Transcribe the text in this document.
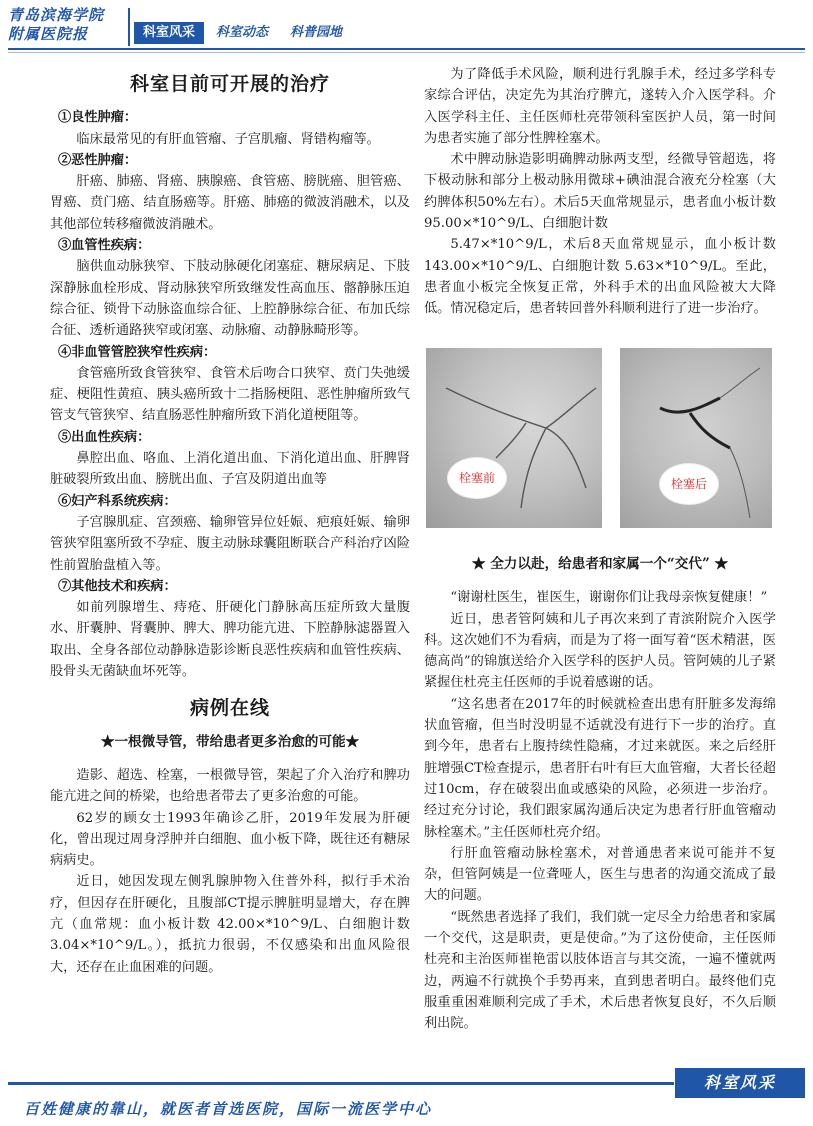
青岛滨海学院
附属医院报	科室风采	科室动态 科普园地
科室目前可开展的治疗
①良性肿瘤：

临床最常见的有肝血管瘤、子宫肌瘤、肾错构瘤等。

②恶性肿瘤：

肝癌、肺癌、肾癌、胰腺癌、食管癌、膀胱癌、胆管癌、胃癌、贲门癌、结直肠癌等。肝癌、肺癌的微波消融术，以及其他部位转移瘤微波消融术。

③血管性疾病：

脑供血动脉狭窄、下肢动脉硬化闭塞症、糖尿病足、下肢深静脉血栓形成、肾动脉狭窄所致继发性高血压、髂静脉压迫综合征、锁骨下动脉盗血综合征、上腔静脉综合征、布加氏综合征、透析通路狭窄或闭塞、动脉瘤、动静脉畸形等。

④非血管管腔狭窄性疾病：

食管癌所致食管狭窄、食管术后吻合口狭窄、贲门失弛缓症、梗阻性黄疸、胰头癌所致十二指肠梗阻、恶性肿瘤所致气管支气管狭窄、结直肠恶性肿瘤所致下消化道梗阻等。

⑤出血性疾病：

鼻腔出血、咯血、上消化道出血、下消化道出血、肝脾肾脏破裂所致出血、膀胱出血、子宫及阴道出血等

⑥妇产科系统疾病：

子宫腺肌症、宫颈癌、输卵管异位妊娠、疤痕妊娠、输卵管狭窄阻塞所致不孕症、腹主动脉球囊阻断联合产科治疗凶险性前置胎盘植入等。

⑦其他技术和疾病：

如前列腺增生、痔疮、肝硬化门静脉高压症所致大量腹水、肝囊肿、肾囊肿、脾大、脾功能亢进、下腔静脉滤器置入取出、全身各部位动静脉造影诊断良恶性疾病和血管性疾病、股骨头无菌缺血坏死等。

病例在线
★一根微导管，带给患者更多治愈的可能★

造影、超选、栓塞，一根微导管，架起了介入治疗和脾功能亢进之间的桥梁，也给患者带去了更多治愈的可能。

62岁的顾女士1993年确诊乙肝，2019年发展为肝硬化，曾出现过周身浮肿并白细胞、血小板下降，既往还有糖尿病病史。

近日，她因发现左侧乳腺肿物入住普外科，拟行手术治疗，但因存在肝硬化，且腹部CT提示脾脏明显增大，存在脾亢（血常规：血小板计数 42.00×*10^9/L、白细胞计数 3.04×*10^9/L。），抵抗力很弱，不仅感染和出血风险很大，还存在止血困难的问题。

为了降低手术风险，顺利进行乳腺手术，经过多学科专家综合评估，决定先为其治疗脾亢，遂转入介入医学科。介入医学科主任、主任医师杜亮带领科室医护人员，第一时间为患者实施了部分性脾栓塞术。

术中脾动脉造影明确脾动脉两支型，经微导管超选，将下极动脉和部分上极动脉用微球+碘油混合液充分栓塞（大约脾体积50%左右）。术后5天血常规显示，患者血小板计数 95.00×*10^9/L、白细胞计数

5.47×*10^9/L，术后8天血常规显示，血小板计数 143.00×*10^9/L、白细胞计数 5.63×*10^9/L。至此，患者血小板完全恢复正常，外科手术的出血风险被大大降低。情况稳定后，患者转回普外科顺利进行了进一步治疗。

栓塞前	栓塞后
★ 全力以赴，给患者和家属一个“交代” ★

“谢谢杜医生，崔医生，谢谢你们让我母亲恢复健康！”

近日，患者管阿姨和儿子再次来到了青滨附院介入医学科。这次她们不为看病，而是为了将一面写着“医术精湛，医德高尚”的锦旗送给介入医学科的医护人员。管阿姨的儿子紧紧握住杜亮主任医师的手说着感谢的话。

“这名患者在2017年的时候就检查出患有肝脏多发海绵状血管瘤，但当时没明显不适就没有进行下一步的治疗。直到今年，患者右上腹持续性隐痛，才过来就医。来之后经肝脏增强CT检查提示，患者肝右叶有巨大血管瘤，大者长径超过10cm，存在破裂出血或感染的风险，必须进一步治疗。经过充分讨论，我们跟家属沟通后决定为患者行肝血管瘤动脉栓塞术。”主任医师杜亮介绍。

行肝血管瘤动脉栓塞术，对普通患者来说可能并不复杂，但管阿姨是一位聋哑人，医生与患者的沟通交流成了最大的问题。

“既然患者选择了我们，我们就一定尽全力给患者和家属一个交代，这是职责，更是使命。”为了这份使命，主任医师杜亮和主治医师崔艳雷以肢体语言与其交流，一遍不懂就两边，两遍不行就换个手势再来，直到患者明白。最终他们克服重重困难顺利完成了手术，术后患者恢复良好，不久后顺利出院。

科室风采
百姓健康的靠山，就医者首选医院，国际一流医学中心
